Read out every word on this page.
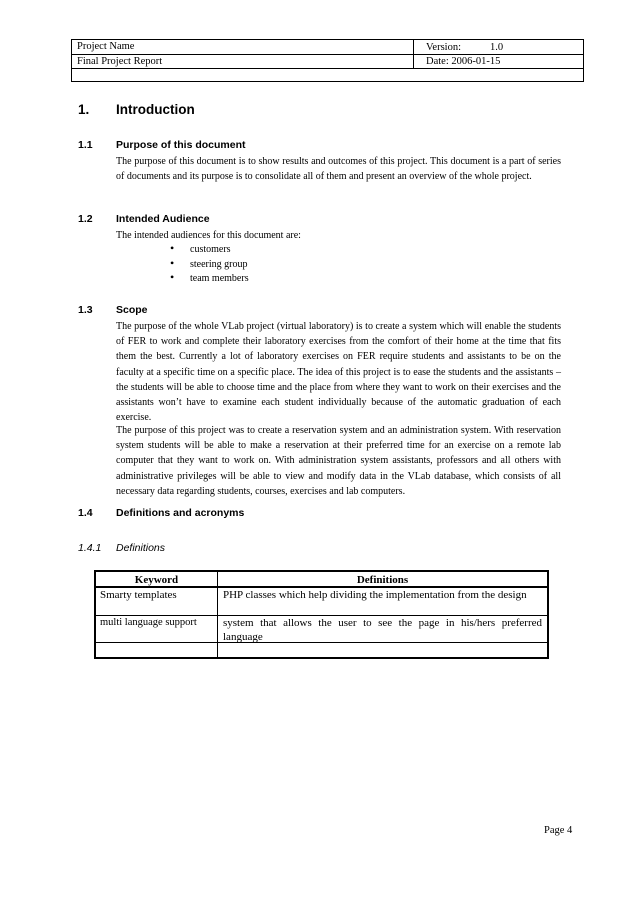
Project Name	Version:	1.0
Final Project Report	Date: 2006-01-15
1. Introduction
1.1 Purpose of this document
The purpose of this document is to show results and outcomes of this project. This document is a part of series of documents and its purpose is to consolidate all of them and present an overview of the whole project.
1.2 Intended Audience
The intended audiences for this document are:
• customers
• steering group
• team members
1.3 Scope
The purpose of the whole VLab project (virtual laboratory) is to create a system which will enable the students of FER to work and complete their laboratory exercises from the comfort of their home at the time that fits them the best. Currently a lot of laboratory exercises on FER require students and assistants to be on the faculty at a specific time on a specific place. The idea of this project is to ease the students and the assistants – the students will be able to choose time and the place from where they want to work on their exercises and the assistants won’t have to examine each student individually because of the automatic graduation of each exercise.
The purpose of this project was to create a reservation system and an administration system. With reservation system students will be able to make a reservation at their preferred time for an exercise on a remote lab computer that they want to work on. With administration system assistants, professors and all others with administrative privileges will be able to view and modify data in the VLab database, which consists of all necessary data regarding students, courses, exercises and lab computers.
1.4 Definitions and acronyms
1.4.1 Definitions
Keyword	Definitions
Smarty templates	PHP classes which help dividing the implementation from the design
multi language support	system that allows the user to see the page in his/hers preferred language
Page 4
